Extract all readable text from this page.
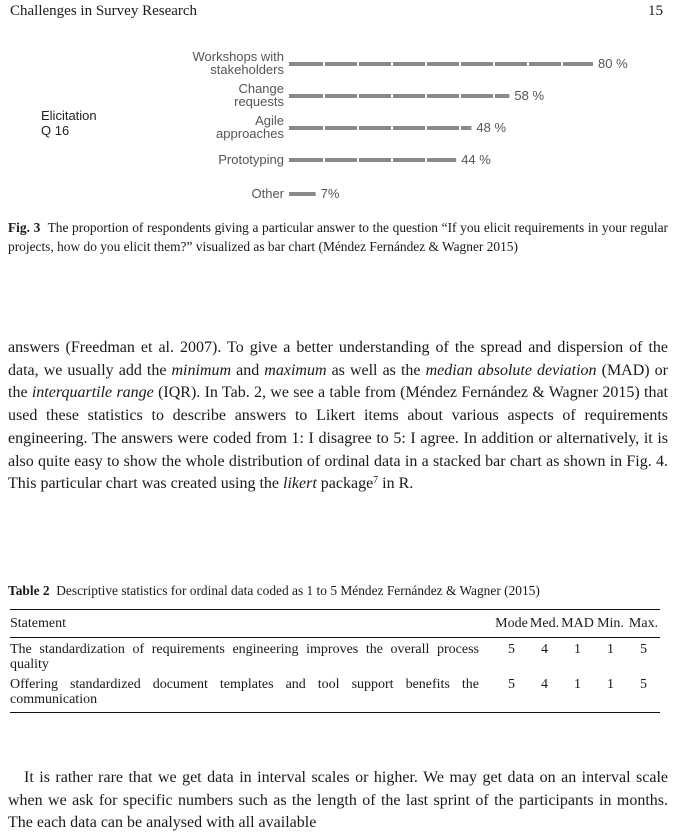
Challenges in Survey Research	15
Elicitation
Q 16
Workshops with
stakeholders	80 %
Change
requests	58 %
Agile
approaches	48 %
Prototyping	44 %
Other	7%
Fig. 3 The proportion of respondents giving a particular answer to the question “If you elicit requirements in your regular projects, how do you elicit them?” visualized as bar chart (Méndez Fernández & Wagner 2015)
answers (Freedman et al. 2007). To give a better understanding of the spread and dispersion of the data, we usually add the minimum and maximum as well as the median absolute deviation (MAD) or the interquartile range (IQR). In Tab. 2, we see a table from (Méndez Fernández & Wagner 2015) that used these statistics to describe answers to Likert items about various aspects of requirements engineering. The answers were coded from 1: I disagree to 5: I agree. In addition or alternatively, it is also quite easy to show the whole distribution of ordinal data in a stacked bar chart as shown in Fig. 4. This particular chart was created using the likert package$^7$ in R.
Table 2 Descriptive statistics for ordinal data coded as 1 to 5 Méndez Fernández & Wagner (2015)
Statement	Mode	Med.	MAD	Min.	Max.
The standardization of requirements engineering improves the overall process quality	5	4	1	1	5
Offering standardized document templates and tool support benefits the communication	5	4	1	1	5
 It is rather rare that we get data in interval scales or higher. We may get data on an interval scale when we ask for specific numbers such as the length of the last sprint of the participants in months. The each data can be analysed with all available
